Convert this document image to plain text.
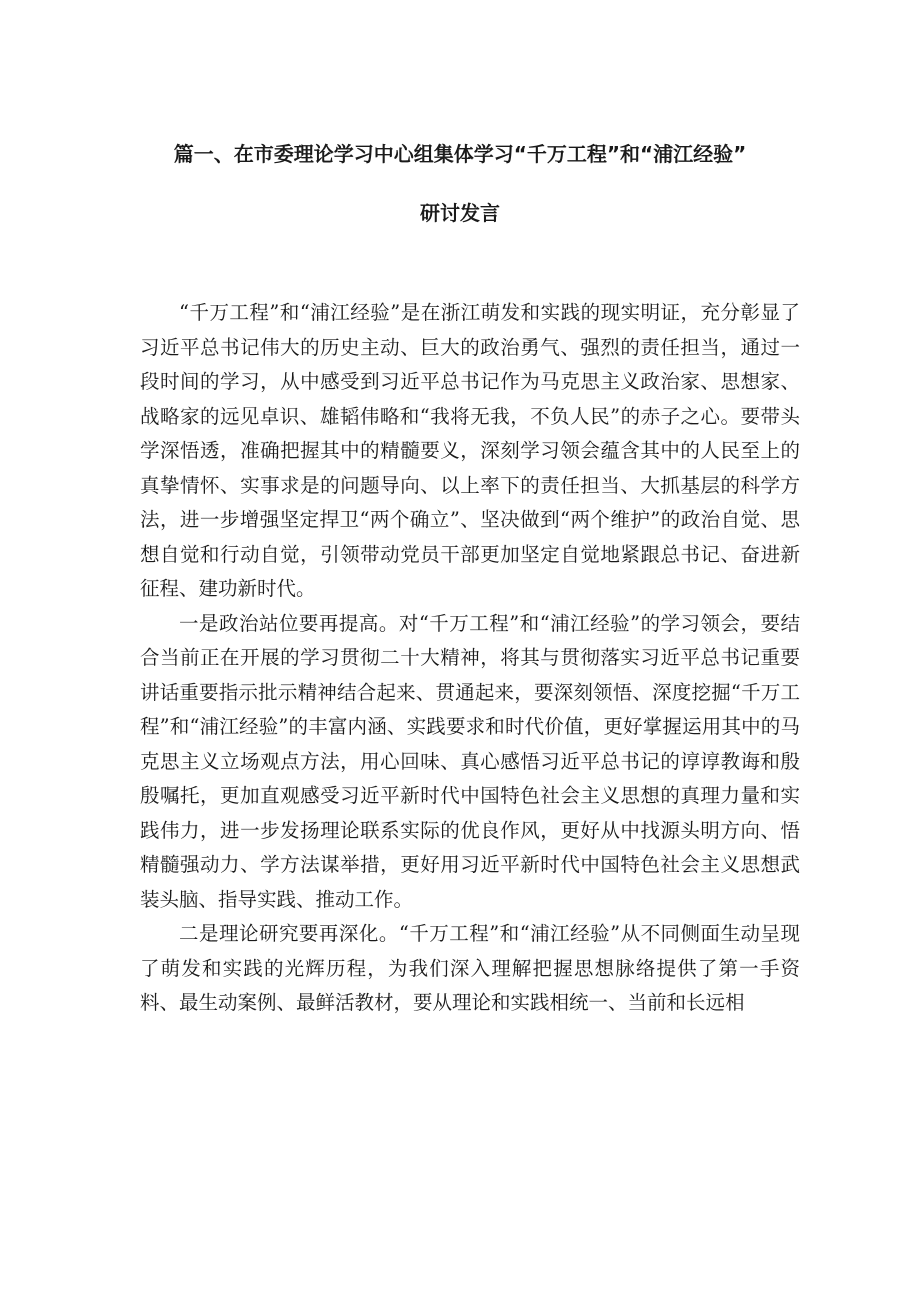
篇一、在市委理论学习中心组集体学习“千万工程”和“浦江经验”
研讨发言

“千万工程”和“浦江经验”是在浙江萌发和实践的现实明证，充分彰显了习近平总书记伟大的历史主动、巨大的政治勇气、强烈的责任担当，通过一段时间的学习，从中感受到习近平总书记作为马克思主义政治家、思想家、战略家的远见卓识、雄韬伟略和“我将无我，不负人民”的赤子之心。要带头学深悟透，准确把握其中的精髓要义，深刻学习领会蕴含其中的人民至上的真挚情怀、实事求是的问题导向、以上率下的责任担当、大抓基层的科学方法，进一步增强坚定捍卫“两个确立”、坚决做到“两个维护”的政治自觉、思想自觉和行动自觉，引领带动党员干部更加坚定自觉地紧跟总书记、奋进新征程、建功新时代。

一是政治站位要再提高。对“千万工程”和“浦江经验”的学习领会，要结合当前正在开展的学习贯彻二十大精神，将其与贯彻落实习近平总书记重要讲话重要指示批示精神结合起来、贯通起来，要深刻领悟、深度挖掘“千万工程”和“浦江经验”的丰富内涵、实践要求和时代价值，更好掌握运用其中的马克思主义立场观点方法，用心回味、真心感悟习近平总书记的谆谆教诲和殷殷嘱托，更加直观感受习近平新时代中国特色社会主义思想的真理力量和实践伟力，进一步发扬理论联系实际的优良作风，更好从中找源头明方向、悟精髓强动力、学方法谋举措，更好用习近平新时代中国特色社会主义思想武装头脑、指导实践、推动工作。

二是理论研究要再深化。“千万工程”和“浦江经验”从不同侧面生动呈现了萌发和实践的光辉历程，为我们深入理解把握思想脉络提供了第一手资料、最生动案例、最鲜活教材，要从理论和实践相统一、当前和长远相
